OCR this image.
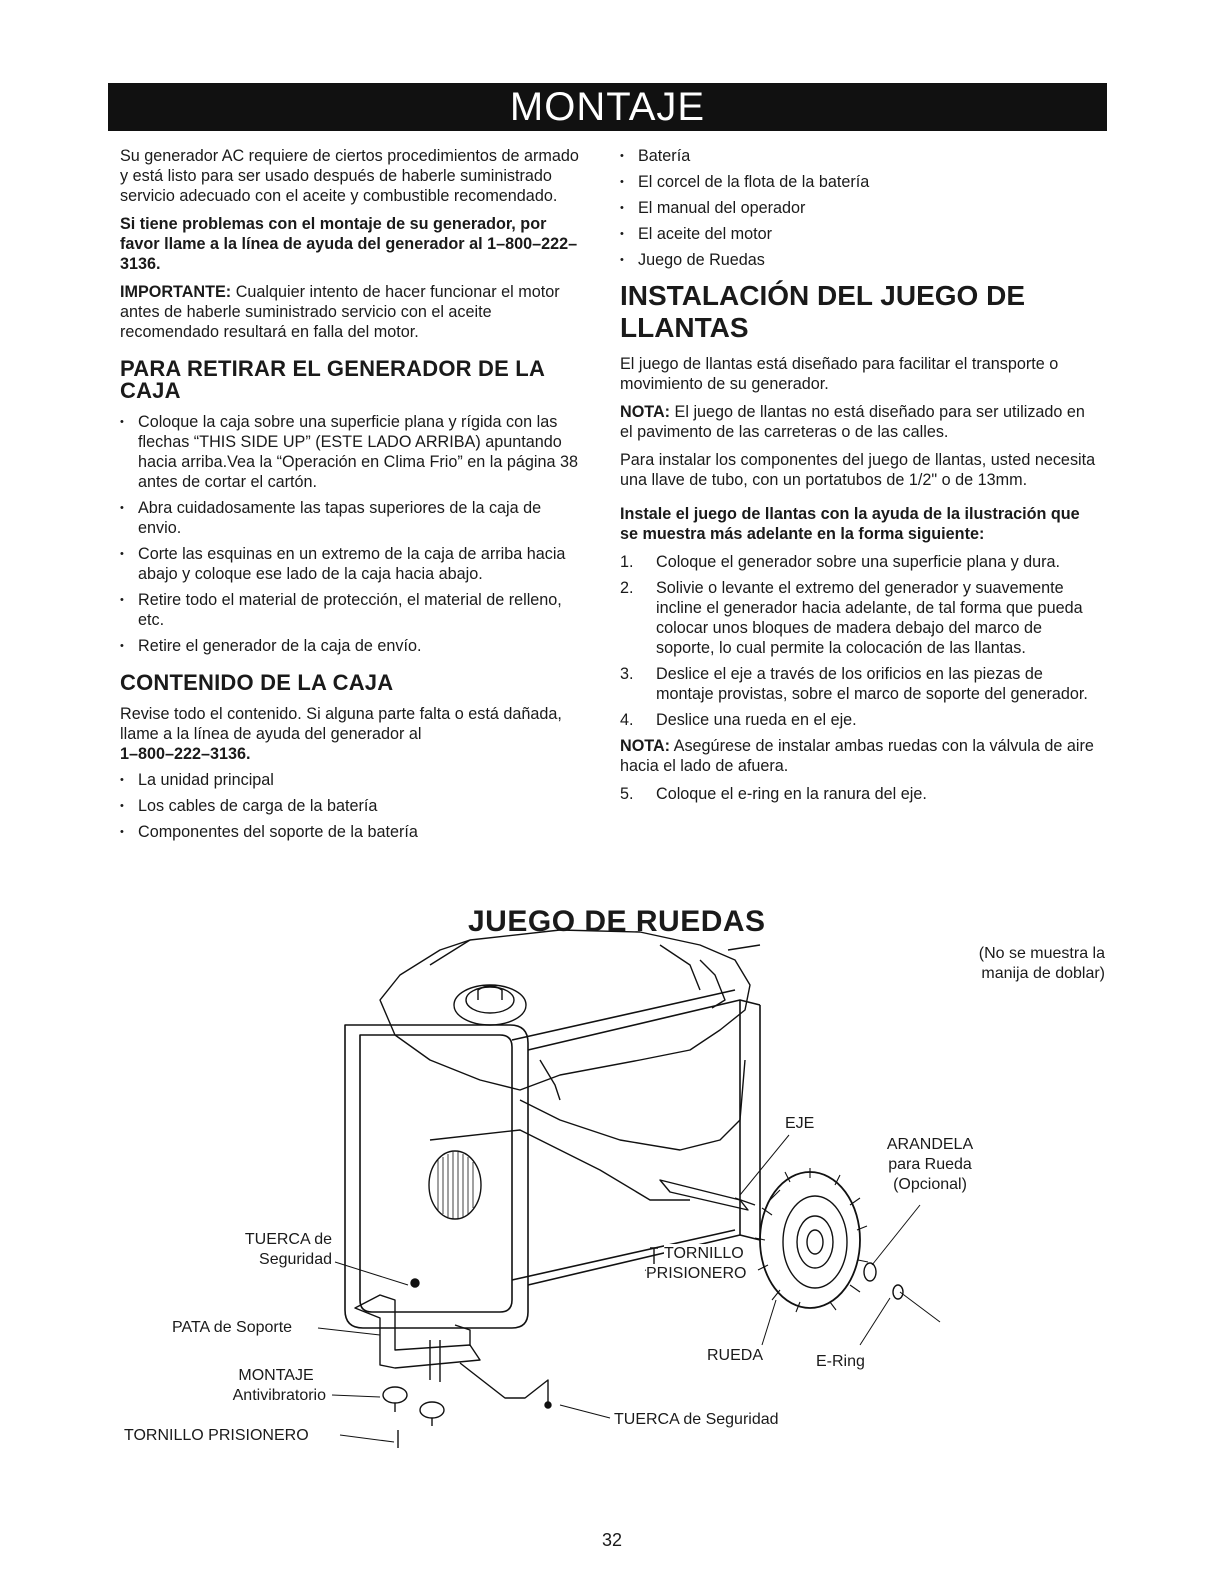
MONTAJE

Su generador AC requiere de ciertos procedimientos de armado y está listo para ser usado después de haberle suministrado servicio adecuado con el aceite y combustible recomendado.

Si tiene problemas con el montaje de su generador, por favor llame a la línea de ayuda del generador al 1–800–222–3136.

IMPORTANTE: Cualquier intento de hacer funcionar el motor antes de haberle suministrado servicio con el aceite recomendado resultará en falla del motor.

PARA RETIRAR EL GENERADOR DE LA CAJA
• Coloque la caja sobre una superficie plana y rígida con las flechas “THIS SIDE UP” (ESTE LADO ARRIBA) apuntando hacia arriba.Vea la “Operación en Clima Frio” en la página 38 antes de cortar el cartón.
• Abra cuidadosamente las tapas superiores de la caja de envio.
• Corte las esquinas en un extremo de la caja de arriba hacia abajo y coloque ese lado de la caja hacia abajo.
• Retire todo el material de protección, el material de relleno, etc.
• Retire el generador de la caja de envío.
CONTENIDO DE LA CAJA

Revise todo el contenido. Si alguna parte falta o está dañada, llame a la línea de ayuda del generador al
1–800–222–3136.

• La unidad principal
• Los cables de carga de la batería
• Componentes del soporte de la batería
• Batería
• El corcel de la flota de la batería
• El manual del operador
• El aceite del motor
• Juego de Ruedas
INSTALACIÓN DEL JUEGO DE LLANTAS

El juego de llantas está diseñado para facilitar el transporte o movimiento de su generador.

NOTA: El juego de llantas no está diseñado para ser utilizado en el pavimento de las carreteras o de las calles.

Para instalar los componentes del juego de llantas, usted necesita una llave de tubo, con un portatubos de 1/2" o de 13mm.

Instale el juego de llantas con la ayuda de la ilustración que se muestra más adelante en la forma siguiente:

1. Coloque el generador sobre una superficie plana y dura.
2. Solivie o levante el extremo del generador y suavemente incline el generador hacia adelante, de tal forma que pueda colocar unos bloques de madera debajo del marco de soporte, lo cual permite la colocación de las llantas.
3. Deslice el eje a través de los orificios en las piezas de montaje provistas, sobre el marco de soporte del generador.
4. Deslice una rueda en el eje.

NOTA: Asegúrese de instalar ambas ruedas con la válvula de aire hacia el lado de afuera.

5. Coloque el e-ring en la ranura del eje.
JUEGO DE RUEDAS
(No se muestra la manija de doblar)
EJE
ARANDELA
para Rueda
(Opcional)
TUERCA de
Seguridad	TORNILLO
PRISIONERO
PATA de Soporte
MONTAJE
Antivibratorio
TORNILLO PRISIONERO
RUEDA	E-Ring
TUERCA de Seguridad
32
